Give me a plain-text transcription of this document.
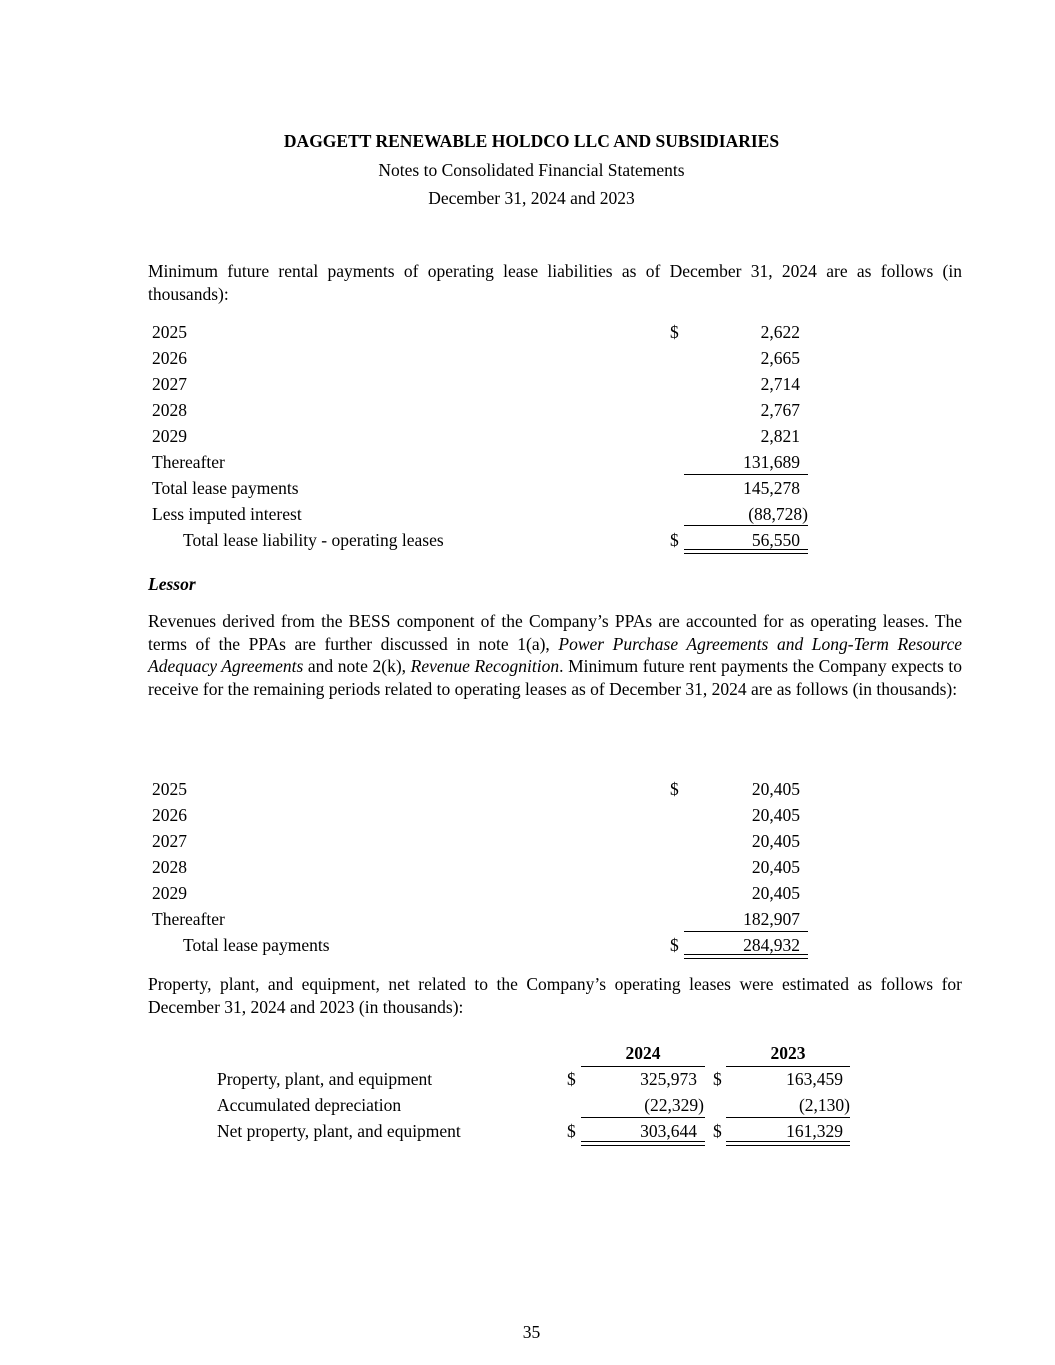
DAGGETT RENEWABLE HOLDCO LLC AND SUBSIDIARIES
Notes to Consolidated Financial Statements
December 31, 2024 and 2023
Minimum future rental payments of operating lease liabilities as of December 31, 2024 are as follows (in thousands):
2025	$	2,622
2026	2,665
2027	2,714
2028	2,767
2029	2,821
Thereafter	131,689
Total lease payments	145,278
Less imputed interest	(88,728)
Total lease liability - operating leases	$	56,550
Lessor
Revenues derived from the BESS component of the Company’s PPAs are accounted for as operating leases. The terms of the PPAs are further discussed in note 1(a), Power Purchase Agreements and Long-Term Resource Adequacy Agreements and note 2(k), Revenue Recognition. Minimum future rent payments the Company expects to receive for the remaining periods related to operating leases as of December 31, 2024 are as follows (in thousands):
2025	$	20,405
2026	20,405
2027	20,405
2028	20,405
2029	20,405
Thereafter	182,907
Total lease payments	$	284,932
Property, plant, and equipment, net related to the Company’s operating leases were estimated as follows for December 31, 2024 and 2023 (in thousands):
2024	2023
Property, plant, and equipment	$	325,973 $	163,459
Accumulated depreciation	(22,329)	(2,130)
Net property, plant, and equipment	$	303,644 $	161,329
35
